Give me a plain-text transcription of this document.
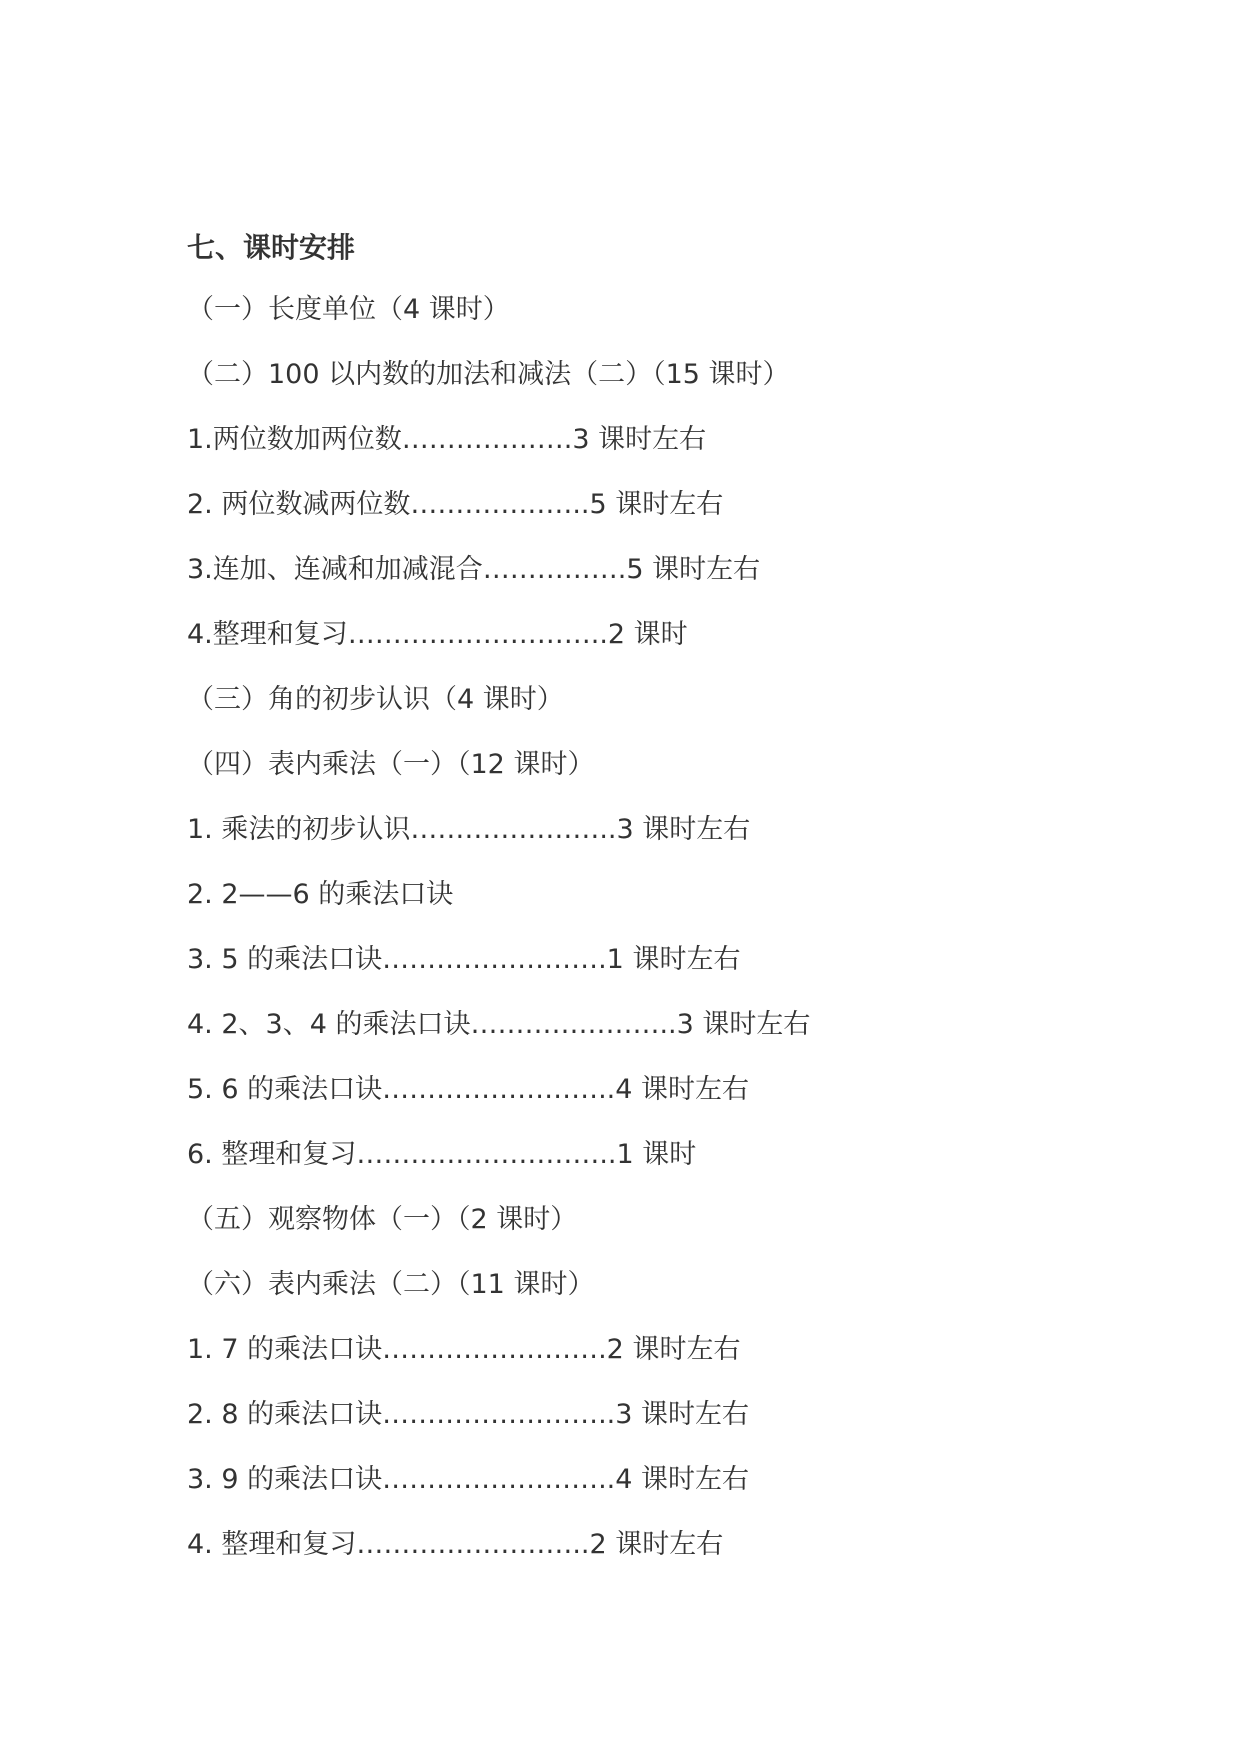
七、课时安排
（一）长度单位（4 课时）
（二）100 以内数的加法和减法（二）（15 课时）
1.两位数加两位数……………….3 课时左右
2. 两位数减两位数………………..5 课时左右
3.连加、连减和加减混合…………….5 课时左右
4.整理和复习………………………..2 课时
（三）角的初步认识（4 课时）
（四）表内乘法（一）（12 课时）
1. 乘法的初步认识…………………..3 课时左右
2. 2——6 的乘法口诀
3. 5 的乘法口诀…………………….1 课时左右
4. 2、3、4 的乘法口诀…………………..3 课时左右
5. 6 的乘法口诀……………………..4 课时左右
6. 整理和复习………………………..1 课时
（五）观察物体（一）（2 课时）
（六）表内乘法（二）（11 课时）
1. 7 的乘法口诀…………………….2 课时左右
2. 8 的乘法口诀……………………..3 课时左右
3. 9 的乘法口诀……………………..4 课时左右
4. 整理和复习……………………..2 课时左右
